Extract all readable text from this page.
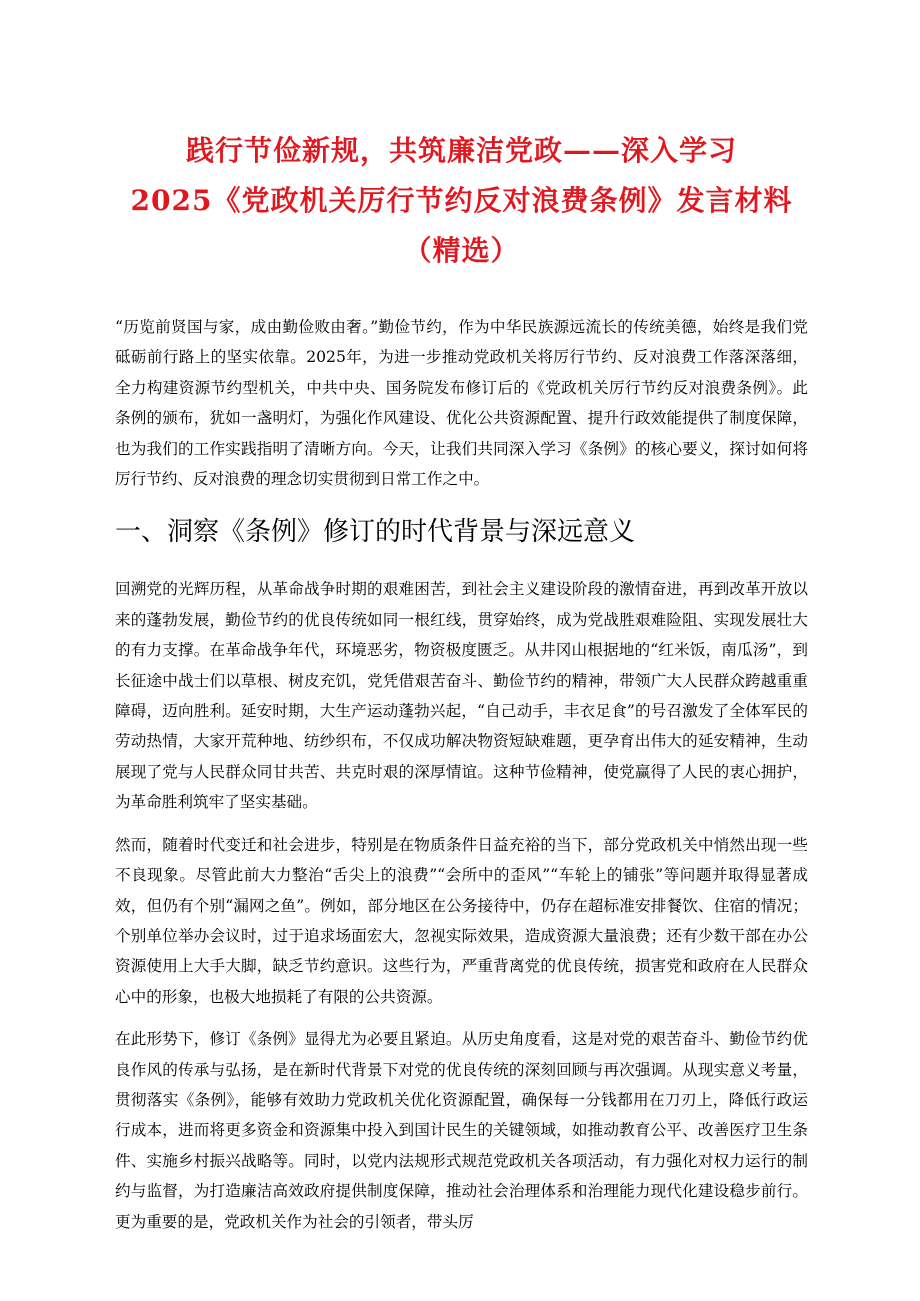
践行节俭新规，共筑廉洁党政——深入学习

2025《党政机关厉行节约反对浪费条例》发言材料

（精选）

“历览前贤国与家，成由勤俭败由奢。”勤俭节约，作为中华民族源远流长的传统美德，始终是我们党砥砺前行路上的坚实依靠。2025年，为进一步推动党政机关将厉行节约、反对浪费工作落深落细，全力构建资源节约型机关，中共中央、国务院发布修订后的《党政机关厉行节约反对浪费条例》。此条例的颁布，犹如一盏明灯，为强化作风建设、优化公共资源配置、提升行政效能提供了制度保障，也为我们的工作实践指明了清晰方向。今天，让我们共同深入学习《条例》的核心要义，探讨如何将厉行节约、反对浪费的理念切实贯彻到日常工作之中。

一、洞察《条例》修订的时代背景与深远意义

回溯党的光辉历程，从革命战争时期的艰难困苦，到社会主义建设阶段的激情奋进，再到改革开放以来的蓬勃发展，勤俭节约的优良传统如同一根红线，贯穿始终，成为党战胜艰难险阻、实现发展壮大的有力支撑。在革命战争年代，环境恶劣，物资极度匮乏。从井冈山根据地的“红米饭，南瓜汤”，到长征途中战士们以草根、树皮充饥，党凭借艰苦奋斗、勤俭节约的精神，带领广大人民群众跨越重重障碍，迈向胜利。延安时期，大生产运动蓬勃兴起，“自己动手，丰衣足食”的号召激发了全体军民的劳动热情，大家开荒种地、纺纱织布，不仅成功解决物资短缺难题，更孕育出伟大的延安精神，生动展现了党与人民群众同甘共苦、共克时艰的深厚情谊。这种节俭精神，使党赢得了人民的衷心拥护，为革命胜利筑牢了坚实基础。

然而，随着时代变迁和社会进步，特别是在物质条件日益充裕的当下，部分党政机关中悄然出现一些不良现象。尽管此前大力整治“舌尖上的浪费”“会所中的歪风”“车轮上的铺张”等问题并取得显著成效，但仍有个别“漏网之鱼”。例如，部分地区在公务接待中，仍存在超标准安排餐饮、住宿的情况；个别单位举办会议时，过于追求场面宏大，忽视实际效果，造成资源大量浪费；还有少数干部在办公资源使用上大手大脚，缺乏节约意识。这些行为，严重背离党的优良传统，损害党和政府在人民群众心中的形象，也极大地损耗了有限的公共资源。

在此形势下，修订《条例》显得尤为必要且紧迫。从历史角度看，这是对党的艰苦奋斗、勤俭节约优良作风的传承与弘扬，是在新时代背景下对党的优良传统的深刻回顾与再次强调。从现实意义考量，贯彻落实《条例》，能够有效助力党政机关优化资源配置，确保每一分钱都用在刀刃上，降低行政运行成本，进而将更多资金和资源集中投入到国计民生的关键领域，如推动教育公平、改善医疗卫生条件、实施乡村振兴战略等。同时，以党内法规形式规范党政机关各项活动，有力强化对权力运行的制约与监督，为打造廉洁高效政府提供制度保障，推动社会治理体系和治理能力现代化建设稳步前行。更为重要的是，党政机关作为社会的引领者，带头厉
